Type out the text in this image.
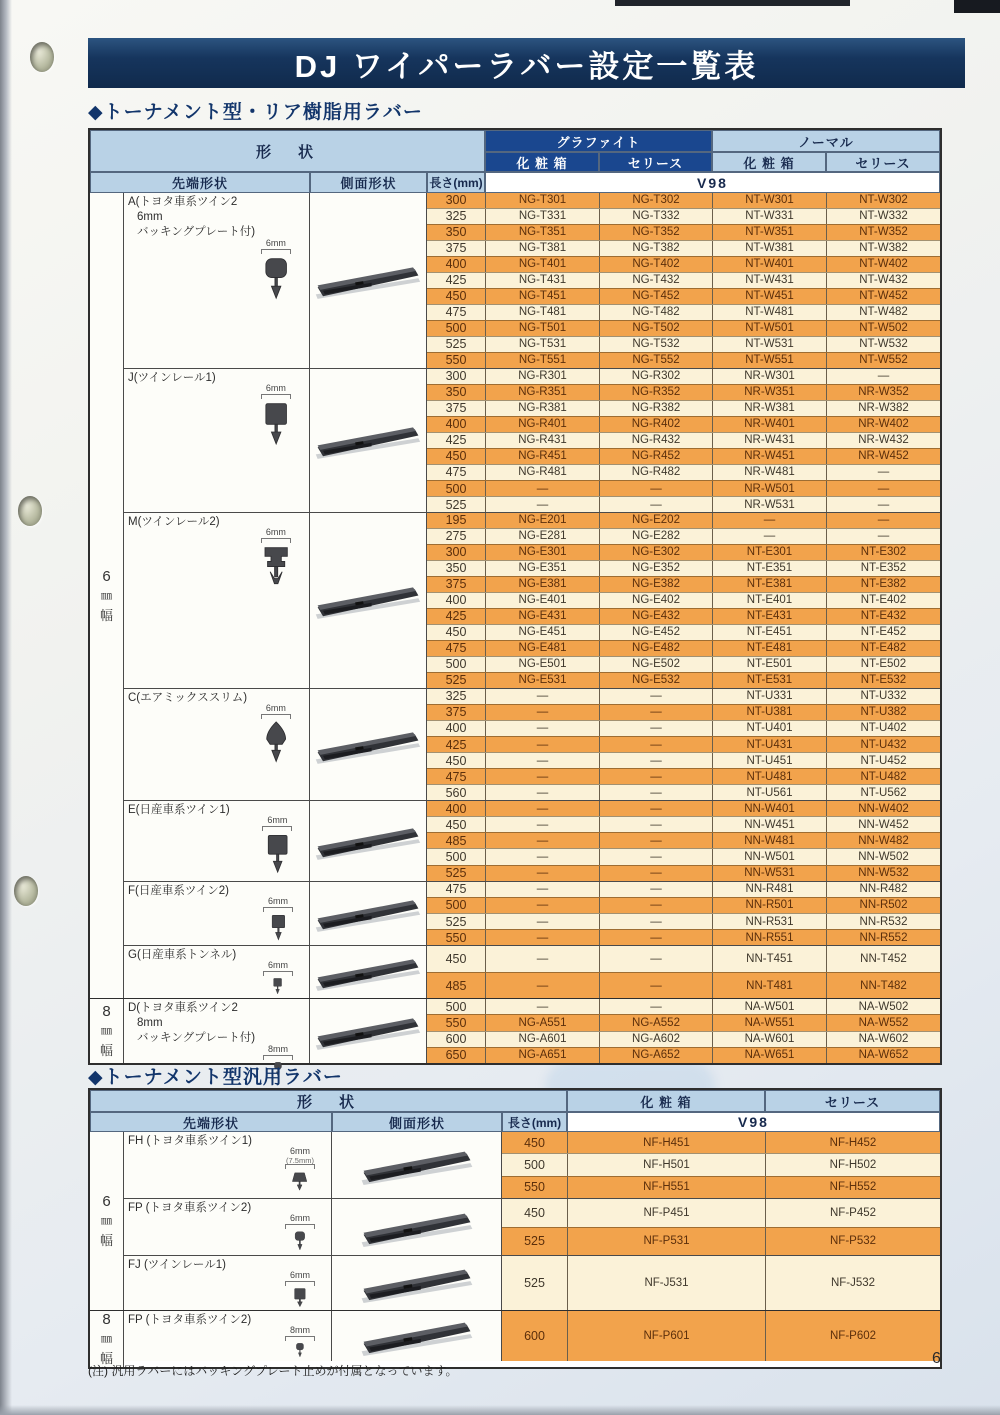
DJ ワイパーラバー設定一覧表
◆トーナメント型・リア樹脂用ラバー
形　状
グラファイト	ノーマル
化 粧 箱	セリース	化 粧 箱	セリース
先端形状	側面形状	長さ(mm)	V98
6
㎜
幅
A(トヨタ車系ツイン2
6mm
バッキングプレート付)
6mm
300	NG-T301	NG-T302	NT-W301	NT-W302
325	NG-T331	NG-T332	NT-W331	NT-W332
350	NG-T351	NG-T352	NT-W351	NT-W352
375	NG-T381	NG-T382	NT-W381	NT-W382
400	NG-T401	NG-T402	NT-W401	NT-W402
425	NG-T431	NG-T432	NT-W431	NT-W432
450	NG-T451	NG-T452	NT-W451	NT-W452
475	NG-T481	NG-T482	NT-W481	NT-W482
500	NG-T501	NG-T502	NT-W501	NT-W502
525	NG-T531	NG-T532	NT-W531	NT-W532
550	NG-T551	NG-T552	NT-W551	NT-W552
J(ツインレール1)
6mm
300	NG-R301	NG-R302	NR-W301	—
350	NG-R351	NG-R352	NR-W351	NR-W352
375	NG-R381	NG-R382	NR-W381	NR-W382
400	NG-R401	NG-R402	NR-W401	NR-W402
425	NG-R431	NG-R432	NR-W431	NR-W432
450	NG-R451	NG-R452	NR-W451	NR-W452
475	NG-R481	NG-R482	NR-W481	—
500	—	—	NR-W501	—
525	—	—	NR-W531	—
M(ツインレール2)
6mm
195	NG-E201	NG-E202	—	—
275	NG-E281	NG-E282	—	—
300	NG-E301	NG-E302	NT-E301	NT-E302
350	NG-E351	NG-E352	NT-E351	NT-E352
375	NG-E381	NG-E382	NT-E381	NT-E382
400	NG-E401	NG-E402	NT-E401	NT-E402
425	NG-E431	NG-E432	NT-E431	NT-E432
450	NG-E451	NG-E452	NT-E451	NT-E452
475	NG-E481	NG-E482	NT-E481	NT-E482
500	NG-E501	NG-E502	NT-E501	NT-E502
525	NG-E531	NG-E532	NT-E531	NT-E532
C(エアミックススリム)
6mm
325	—	—	NT-U331	NT-U332
375	—	—	NT-U381	NT-U382
400	—	—	NT-U401	NT-U402
425	—	—	NT-U431	NT-U432
450	—	—	NT-U451	NT-U452
475	—	—	NT-U481	NT-U482
560	—	—	NT-U561	NT-U562
E(日産車系ツイン1)
6mm
400	—	—	NN-W401	NN-W402
450	—	—	NN-W451	NN-W452
485	—	—	NN-W481	NN-W482
500	—	—	NN-W501	NN-W502
525	—	—	NN-W531	NN-W532
F(日産車系ツイン2)
6mm
475	—	—	NN-R481	NN-R482
500	—	—	NN-R501	NN-R502
525	—	—	NN-R531	NN-R532
550	—	—	NN-R551	NN-R552
G(日産車系トンネル)
6mm	450	—	—	NN-T451	NN-T452
485	—	—	NN-T481	NN-T482
8
㎜
幅
D(トヨタ車系ツイン2
8mm
バッキングプレート付)
8mm
500	—	—	NA-W501	NA-W502
550	NG-A551	NG-A552	NA-W551	NA-W552
600	NG-A601	NG-A602	NA-W601	NA-W602
650	NG-A651	NG-A652	NA-W651	NA-W652
◆トーナメント型汎用ラバー
形　状	化 粧 箱	セリース
先端形状	側面形状	長さ(mm)	V98
6
㎜
幅
FH (トヨタ車系ツイン1)
6mm
(7.5mm)
450	NF-H451	NF-H452
500	NF-H501	NF-H502
550	NF-H551	NF-H552
FP (トヨタ車系ツイン2)
6mm	450	NF-P451	NF-P452
525	NF-P531	NF-P532
FJ (ツインレール1)
6mm
525	NF-J531	NF-J532
8
㎜
幅
FP (トヨタ車系ツイン2)
8mm	600	NF-P601	NF-P602
(注) 汎用ラバーにはバッキングプレート止めが付属となっています。
6
